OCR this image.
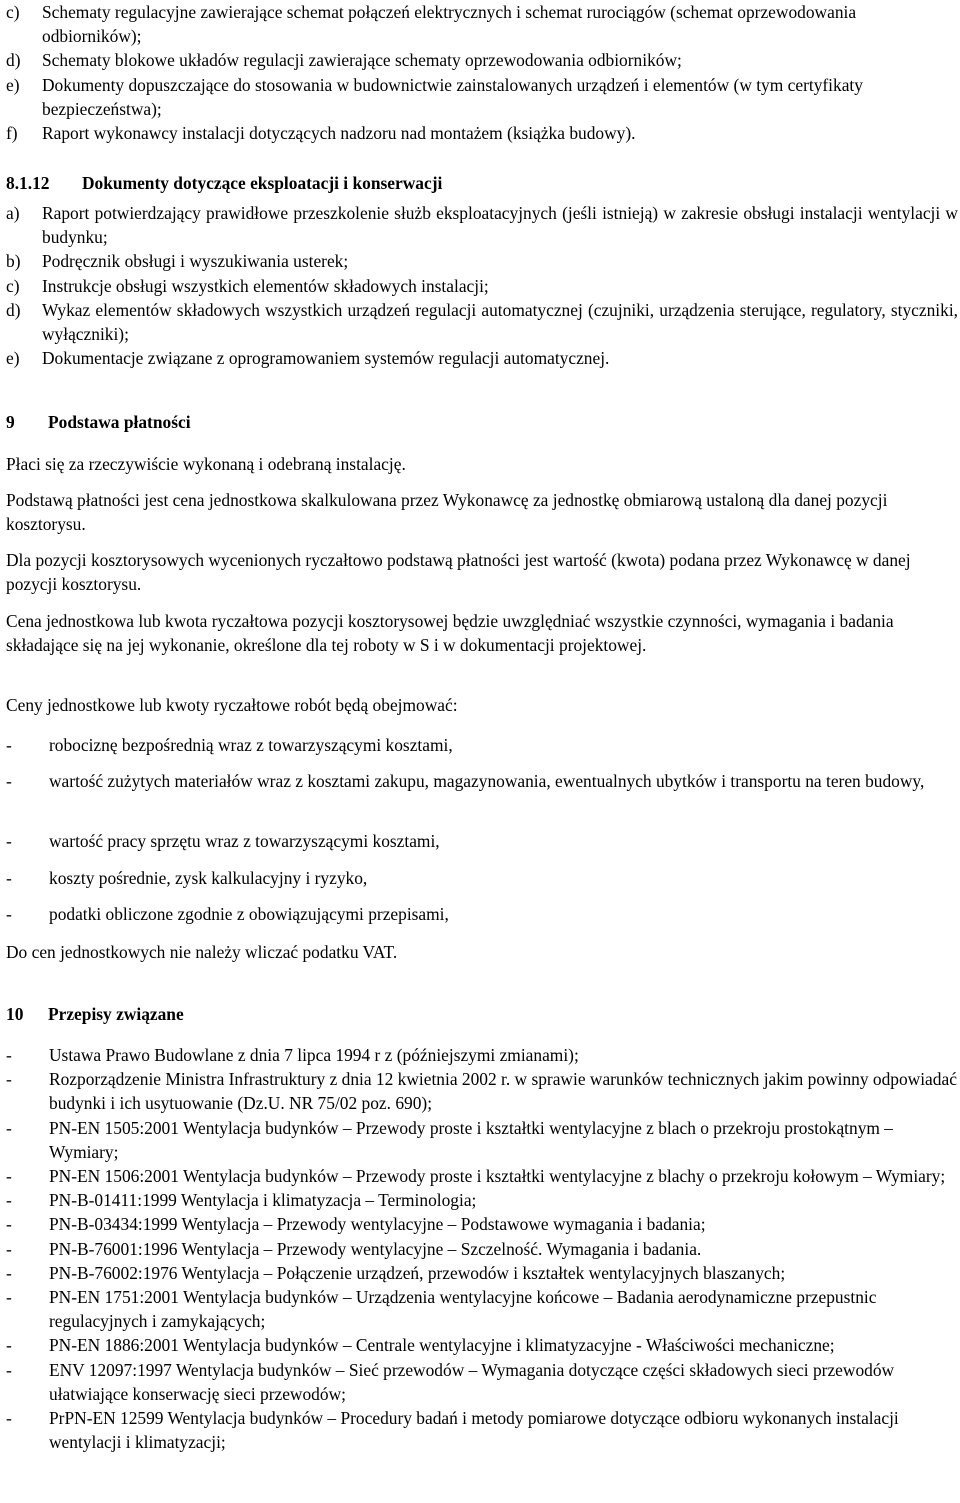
c)	Schematy regulacyjne zawierające schemat połączeń elektrycznych i schemat rurociągów (schemat oprzewodowania odbiorników);
d)	Schematy blokowe układów regulacji zawierające schematy oprzewodowania odbiorników;
e)	Dokumenty dopuszczające do stosowania w budownictwie zainstalowanych urządzeń i elementów (w tym certyfikaty bezpieczeństwa);
f)	Raport wykonawcy instalacji dotyczących nadzoru nad montażem (książka budowy).
8.1.12	Dokumenty dotyczące eksploatacji i konserwacji
a)	Raport potwierdzający prawidłowe przeszkolenie służb eksploatacyjnych (jeśli istnieją) w zakresie obsługi instalacji wentylacji w budynku;
b)	Podręcznik obsługi i wyszukiwania usterek;
c)	Instrukcje obsługi wszystkich elementów składowych instalacji;
d)	Wykaz elementów składowych wszystkich urządzeń regulacji automatycznej (czujniki, urządzenia sterujące, regulatory, styczniki, wyłączniki);
e)	Dokumentacje związane z oprogramowaniem systemów regulacji automatycznej.
9	Podstawa płatności

Płaci się za rzeczywiście wykonaną i odebraną instalację.

Podstawą płatności jest cena jednostkowa skalkulowana przez Wykonawcę za jednostkę obmiarową ustaloną dla danej pozycji kosztorysu.

Dla pozycji kosztorysowych wycenionych ryczałtowo podstawą płatności jest wartość (kwota) podana przez Wykonawcę w danej pozycji kosztorysu.

Cena jednostkowa lub kwota ryczałtowa pozycji kosztorysowej będzie uwzględniać wszystkie czynności, wymagania i badania składające się na jej wykonanie, określone dla tej roboty w S i w dokumentacji projektowej.

Ceny jednostkowe lub kwoty ryczałtowe robót będą obejmować:

-	robociznę bezpośrednią wraz z towarzyszącymi kosztami,
-	wartość zużytych materiałów wraz z kosztami zakupu, magazynowania, ewentualnych ubytków i transportu na teren budowy,
-	wartość pracy sprzętu wraz z towarzyszącymi kosztami,
-	koszty pośrednie, zysk kalkulacyjny i ryzyko,
-	podatki obliczone zgodnie z obowiązującymi przepisami,

Do cen jednostkowych nie należy wliczać podatku VAT.

10	Przepisy związane
-	Ustawa Prawo Budowlane z dnia 7 lipca 1994 r z (późniejszymi zmianami);
-	Rozporządzenie Ministra Infrastruktury z dnia 12 kwietnia 2002 r. w sprawie warunków technicznych jakim powinny odpowiadać budynki i ich usytuowanie (Dz.U. NR 75/02 poz. 690);
-	PN-EN 1505:2001 Wentylacja budynków – Przewody proste i kształtki wentylacyjne z blach o przekroju prostokątnym – Wymiary;
-	PN-EN 1506:2001 Wentylacja budynków – Przewody proste i kształtki wentylacyjne z blachy o przekroju kołowym – Wymiary;
-	PN-B-01411:1999 Wentylacja i klimatyzacja – Terminologia;
-	PN-B-03434:1999 Wentylacja – Przewody wentylacyjne – Podstawowe wymagania i badania;
-	PN-B-76001:1996 Wentylacja – Przewody wentylacyjne – Szczelność. Wymagania i badania.
-	PN-B-76002:1976 Wentylacja – Połączenie urządzeń, przewodów i kształtek wentylacyjnych blaszanych;
-	PN-EN 1751:2001 Wentylacja budynków – Urządzenia wentylacyjne końcowe – Badania aerodynamiczne przepustnic regulacyjnych i zamykających;
-	PN-EN 1886:2001 Wentylacja budynków – Centrale wentylacyjne i klimatyzacyjne - Właściwości mechaniczne;
-	ENV 12097:1997 Wentylacja budynków – Sieć przewodów – Wymagania dotyczące części składowych sieci przewodów ułatwiające konserwację sieci przewodów;
-	PrPN-EN 12599 Wentylacja budynków – Procedury badań i metody pomiarowe dotyczące odbioru wykonanych instalacji wentylacji i klimatyzacji;
